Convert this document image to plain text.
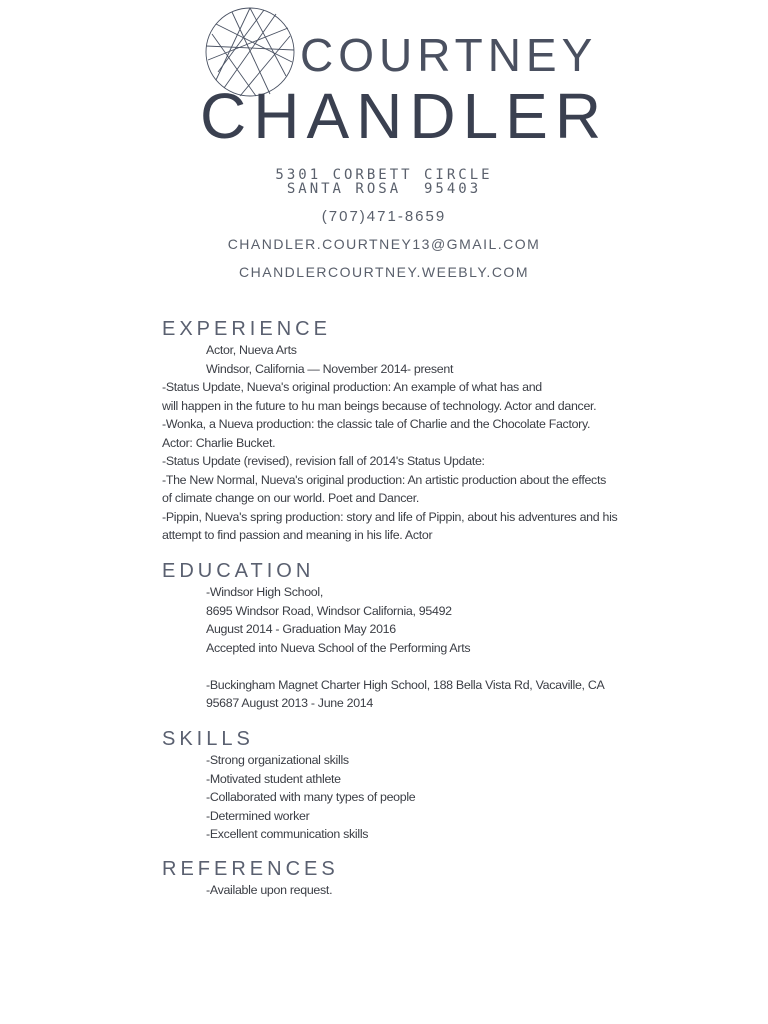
COURTNEY
CHANDLER
5301 CORBETT CIRCLE
SANTA ROSA  95403
(707)471-8659
CHANDLER.COURTNEY13@GMAIL.COM
CHANDLERCOURTNEY.WEEBLY.COM
EXPERIENCE
Actor, Nueva Arts
Windsor, California — November 2014- present
-Status Update, Nueva's original production: An example of what has and
will happen in the future to hu man beings because of technology. Actor and dancer.
-Wonka, a Nueva production: the classic tale of Charlie and the Chocolate Factory.
Actor: Charlie Bucket.
-Status Update (revised), revision fall of 2014's Status Update:
-The New Normal, Nueva's original production: An artistic production about the effects
of climate change on our world. Poet and Dancer.
-Pippin, Nueva's spring production: story and life of Pippin, about his adventures and his
attempt to find passion and meaning in his life. Actor
EDUCATION
-Windsor High School,
8695 Windsor Road, Windsor California, 95492
August 2014 - Graduation May 2016
Accepted into Nueva School of the Performing Arts
-Buckingham Magnet Charter High School, 188 Bella Vista Rd, Vacaville, CA
95687 August 2013 - June 2014
SKILLS
-Strong organizational skills
-Motivated student athlete
-Collaborated with many types of people
-Determined worker
-Excellent communication skills
REFERENCES
-Available upon request.
